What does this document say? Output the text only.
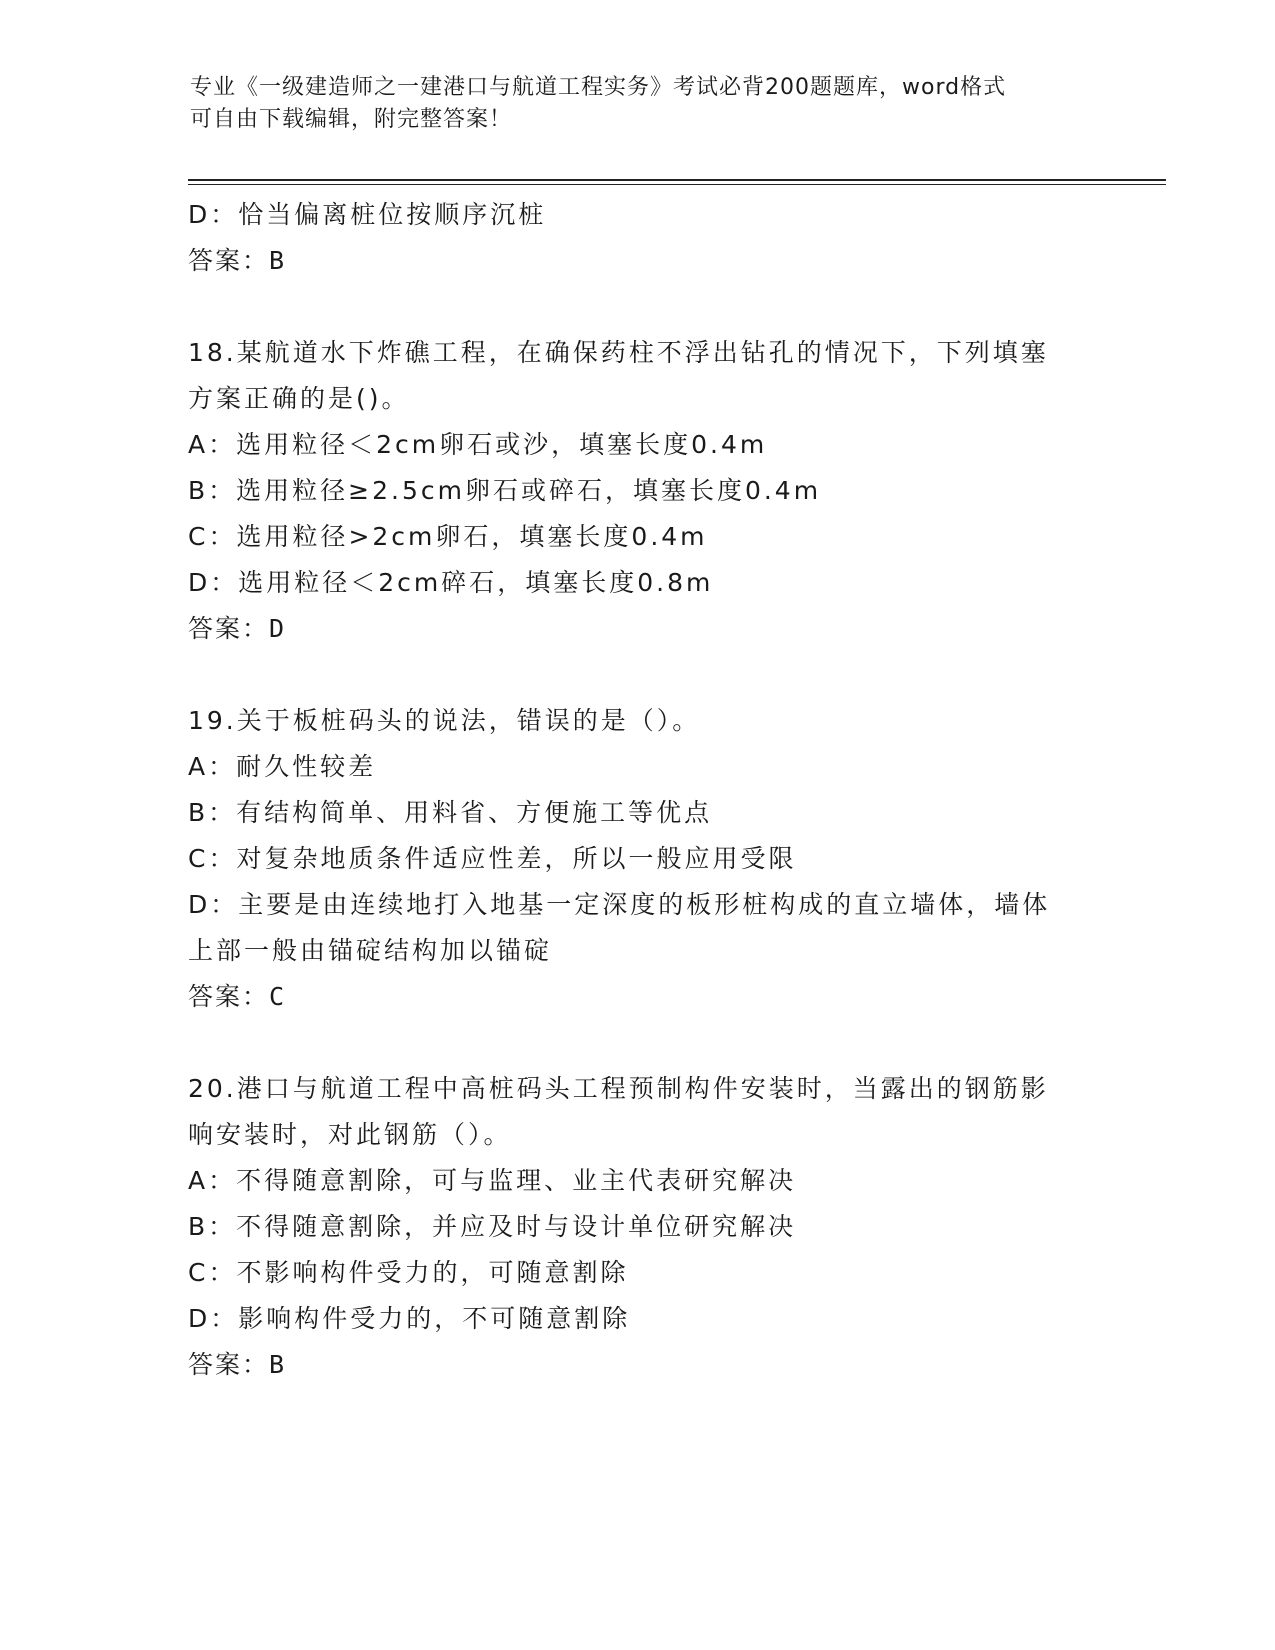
专业《一级建造师之一建港口与航道工程实务》考试必背200题题库，word格式
可自由下载编辑，附完整答案！
D：恰当偏离桩位按顺序沉桩
答案：B
18.某航道水下炸礁工程，在确保药柱不浮出钻孔的情况下，下列填塞
方案正确的是()。
A：选用粒径＜2cm卵石或沙，填塞长度0.4m
B：选用粒径≥2.5cm卵石或碎石，填塞长度0.4m
C：选用粒径>2cm卵石，填塞长度0.4m
D：选用粒径＜2cm碎石，填塞长度0.8m
答案：D
19.关于板桩码头的说法，错误的是（）。
A：耐久性较差
B：有结构简单、用料省、方便施工等优点
C：对复杂地质条件适应性差，所以一般应用受限
D：主要是由连续地打入地基一定深度的板形桩构成的直立墙体，墙体
上部一般由锚碇结构加以锚碇
答案：C
20.港口与航道工程中高桩码头工程预制构件安装时，当露出的钢筋影
响安装时，对此钢筋（）。
A：不得随意割除，可与监理、业主代表研究解决
B：不得随意割除，并应及时与设计单位研究解决
C：不影响构件受力的，可随意割除
D：影响构件受力的，不可随意割除
答案：B
